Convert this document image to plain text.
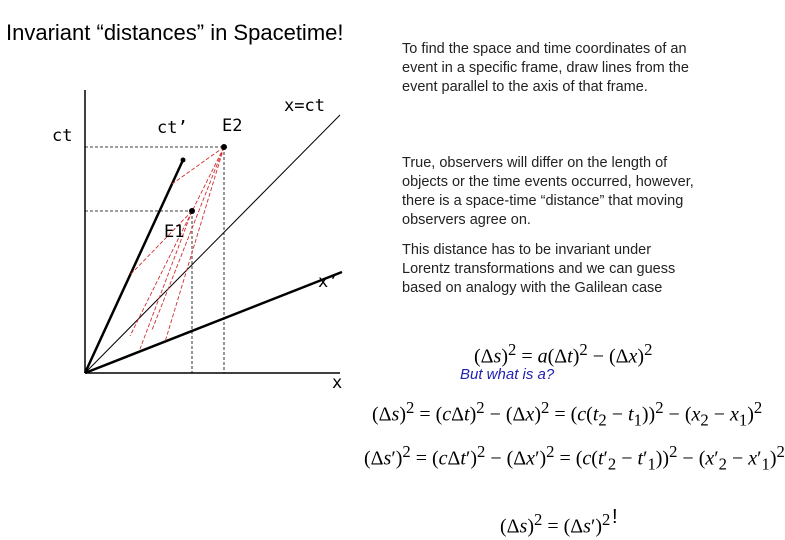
Invariant “distances” in Spacetime!
To find the space and time coordinates of an event in a specific frame, draw lines from the event parallel to the axis of that frame.
True, observers will differ on the length of objects or the time events occurred, however, there is a space-time “distance” that moving observers agree on.
This distance has to be invariant under Lorentz transformations and we can guess based on analogy with the Galilean case
ct	ct’
x=ct
E2
E1
x’
x
$(\Delta s)^2 = a(\Delta t)^2 - (\Delta x)^2$
But what is a?
$(\Delta s)^2 = (c\Delta t)^2 - (\Delta x)^2 = (c(t_2 - t_1))^2 - (x_2 - x_1)^2$
$(\Delta s')^2 = (c\Delta t')^2 - (\Delta x')^2 = (c(t'_2 - t'_1))^2 - (x'_2 - x'_1)^2$
$(\Delta s)^2 = (\Delta s')^2$ !
